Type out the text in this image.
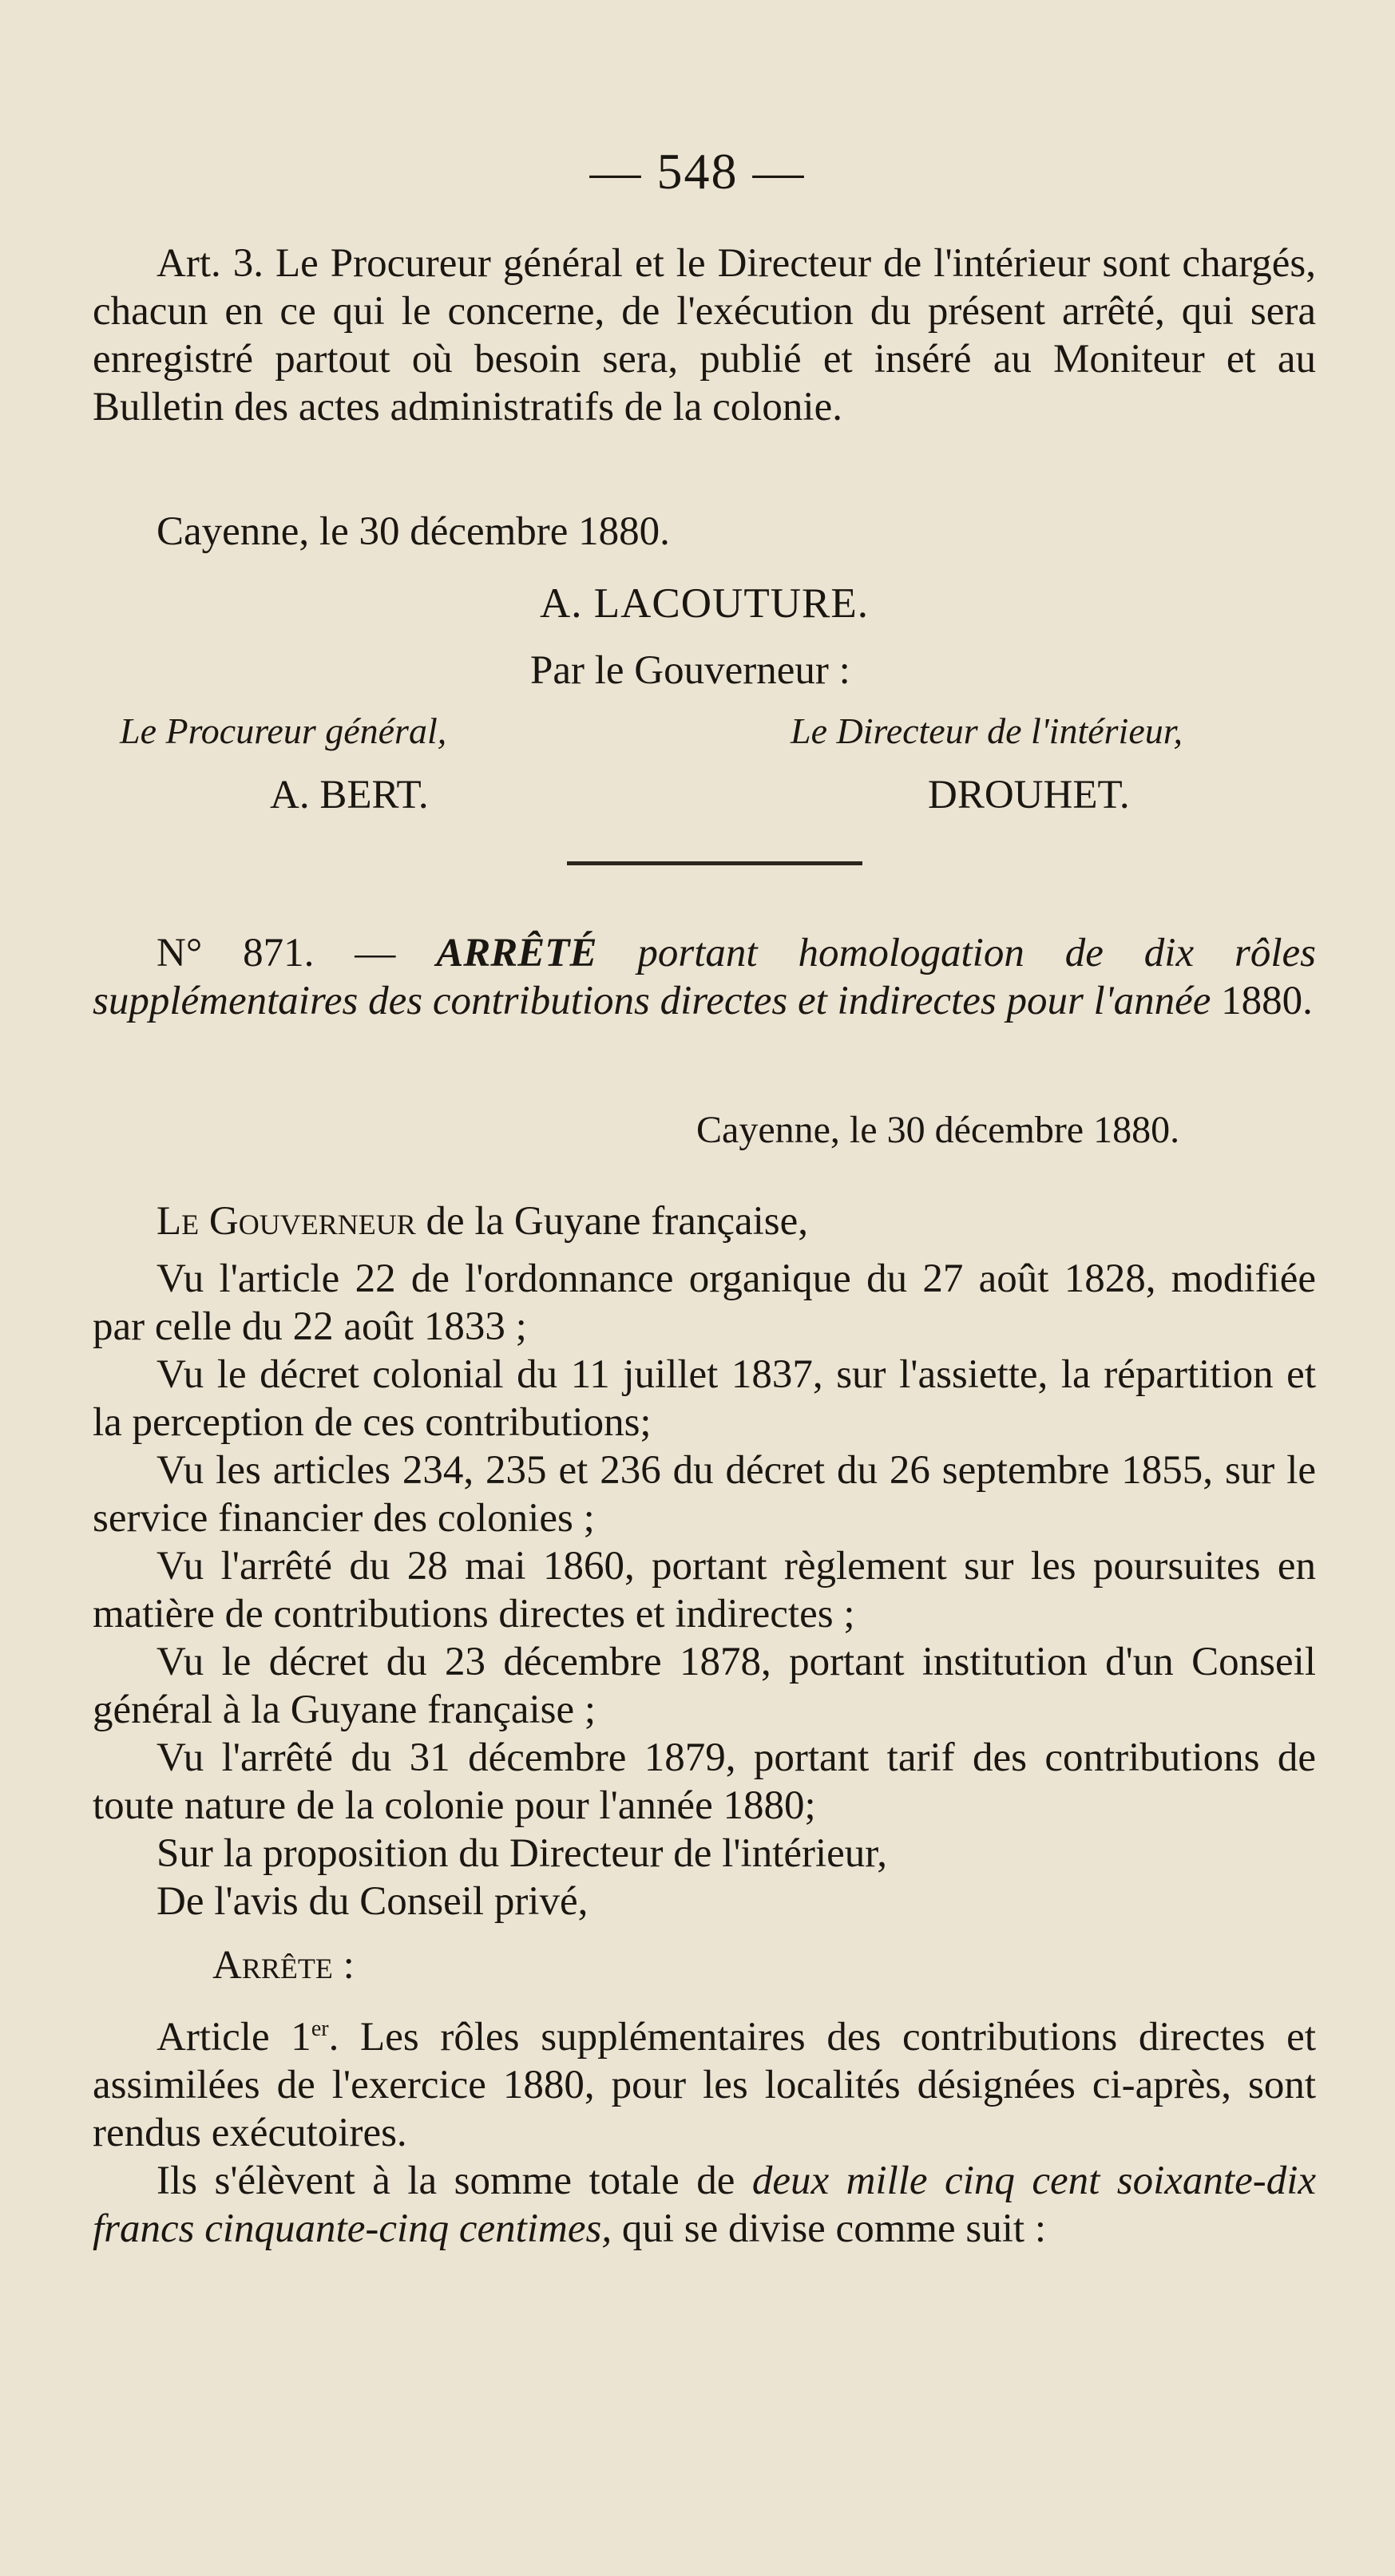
— 548 —

Art. 3. Le Procureur général et le Directeur de l'intérieur sont chargés, chacun en ce qui le concerne, de l'exécution du présent arrêté, qui sera enregistré partout où besoin sera, publié et inséré au Moniteur et au Bulletin des actes administratifs de la colonie.

Cayenne, le 30 décembre 1880.
A. LACOUTURE.
Par le Gouverneur :
Le Procureur général,	Le Directeur de l'intérieur,
A. BERT.	DROUHET.

N° 871. — ARRÊTÉ portant homologation de dix rôles supplémentaires des contributions directes et indirectes pour l'année 1880.

Cayenne, le 30 décembre 1880.

Le Gouverneur de la Guyane française,

Vu l'article 22 de l'ordonnance organique du 27 août 1828, modifiée par celle du 22 août 1833 ;

Vu le décret colonial du 11 juillet 1837, sur l'assiette, la répartition et la perception de ces contributions;

Vu les articles 234, 235 et 236 du décret du 26 septembre 1855, sur le service financier des colonies ;

Vu l'arrêté du 28 mai 1860, portant règlement sur les poursuites en matière de contributions directes et indirectes ;

Vu le décret du 23 décembre 1878, portant institution d'un Conseil général à la Guyane française ;

Vu l'arrêté du 31 décembre 1879, portant tarif des contributions de toute nature de la colonie pour l'année 1880;

Sur la proposition du Directeur de l'intérieur,

De l'avis du Conseil privé,

Arrête :

Article 1er. Les rôles supplémentaires des contributions directes et assimilées de l'exercice 1880, pour les localités désignées ci-après, sont rendus exécutoires.

Ils s'élèvent à la somme totale de deux mille cinq cent soixante-dix francs cinquante-cinq centimes, qui se divise comme suit :
